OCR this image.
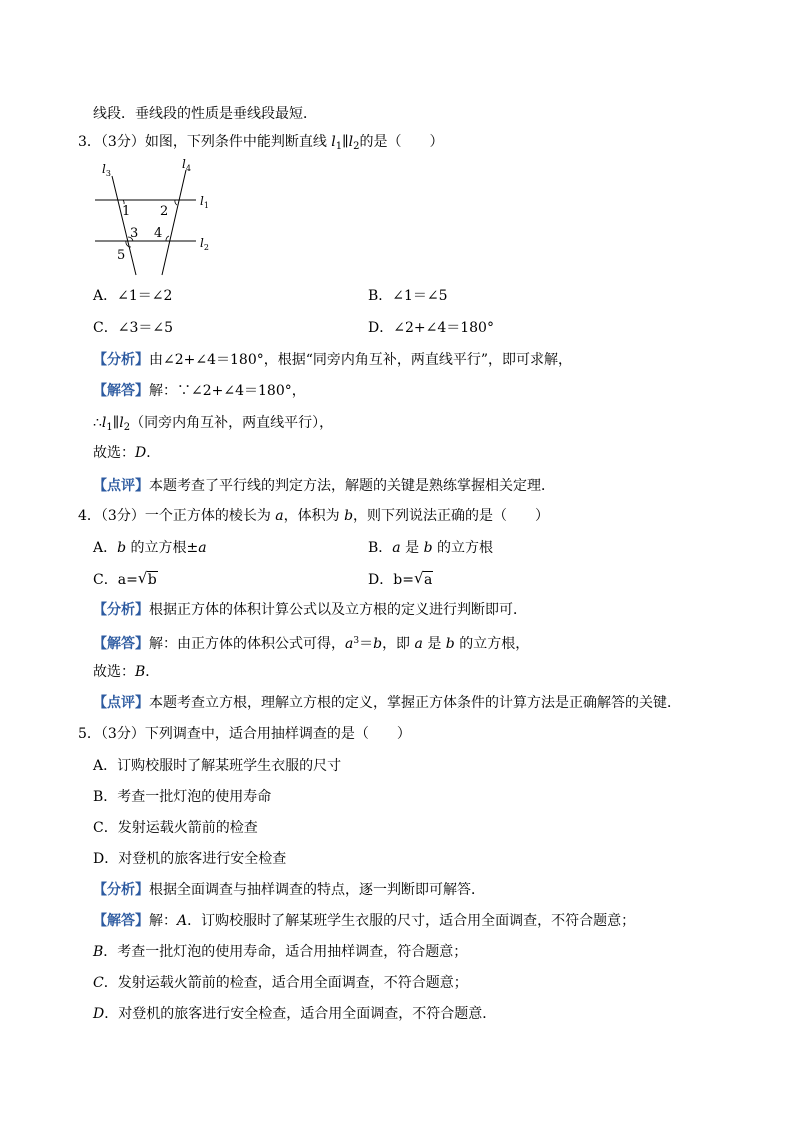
线段．垂线段的性质是垂线段最短．
3．（3分）如图，下列条件中能判断直线 $l_1\parallel l_2$的是（　　）
$l_3$
$l_4$
$l_1$
$l_2$
1 2
3 4
5
A．∠1＝∠2	B．∠1＝∠5
C．∠3＝∠5	D．∠2+∠4＝180°
【分析】由∠2+∠4＝180°，根据“同旁内角互补，两直线平行”，即可求解，
【解答】解：∵∠2+∠4＝180°，
$\therefore l_1\parallel l_2$（同旁内角互补，两直线平行），
故选：D．
【点评】本题考查了平行线的判定方法，解题的关键是熟练掌握相关定理．
4．（3分）一个正方体的棱长为 a，体积为 b，则下列说法正确的是（　　）
A．b 的立方根±a	B．a 是 b 的立方根
C．a= √ b	D．b= √ a
【分析】根据正方体的体积计算公式以及立方根的定义进行判断即可．
【解答】解：由正方体的体积公式可得，$a^3=b$，即 a 是 b 的立方根，
故选：B．
【点评】本题考查立方根，理解立方根的定义，掌握正方体条件的计算方法是正确解答的关键．
5．（3分）下列调查中，适合用抽样调查的是（　　）
A．订购校服时了解某班学生衣服的尺寸
B．考查一批灯泡的使用寿命
C．发射运载火箭前的检查
D．对登机的旅客进行安全检查
【分析】根据全面调查与抽样调查的特点，逐一判断即可解答．
【解答】解：A．订购校服时了解某班学生衣服的尺寸，适合用全面调查，不符合题意；
B．考查一批灯泡的使用寿命，适合用抽样调查，符合题意；
C．发射运载火箭前的检查，适合用全面调查，不符合题意；
D．对登机的旅客进行安全检查，适合用全面调查，不符合题意．
